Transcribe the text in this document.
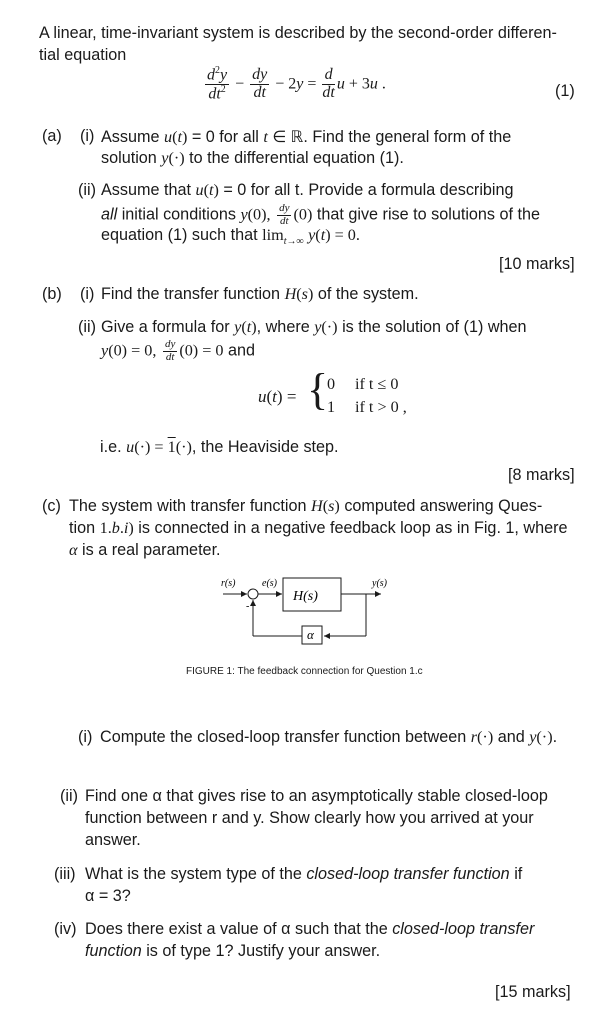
A linear, time-invariant system is described by the second-order differen-
tial equation
$\frac{d^2y}{dt^2} - \frac{dy}{dt} - 2y = \frac{d}{dt}$ u + 3u .	(1)
(a) (i) Assume u(t) = 0 for all t ∈ ℝ. Find the general form of the
solution y(·) to the differential equation (1).
(ii) Assume that u(t) = 0 for all t. Provide a formula describing
all initial conditions y(0), $\frac{dy}{dt} (0)$ that give rise to solutions of the
equation (1) such that $\lim_{t\to\infty} y(t) = 0$.
[10 marks]
(b) (i) Find the transfer function H(s) of the system.
(ii) Give a formula for y(t), where y(·) is the solution of (1) when
y(0) = 0, $\frac{dy}{dt} (0) = 0$ and
u(t) = {
0 if t ≤ 0
1 if t > 0 ,
i.e. u(·) = 1(·), the Heaviside step.
[8 marks]
(c) The system with transfer function H(s) computed answering Ques-
tion 1.b.i) is connected in a negative feedback loop as in Fig. 1, where
α is a real parameter.
r(s)	e(s)	y(s)
-
H(s)
α
FIGURE 1: The feedback connection for Question 1.c
(i) Compute the closed-loop transfer function between r(·) and y(·).
(ii) Find one α that gives rise to an asymptotically stable closed-loop
function between r and y. Show clearly how you arrived at your
answer.
(iii) What is the system type of the closed-loop transfer function if
α = 3?
(iv) Does there exist a value of α such that the closed-loop transfer
function is of type 1? Justify your answer.
[15 marks]
